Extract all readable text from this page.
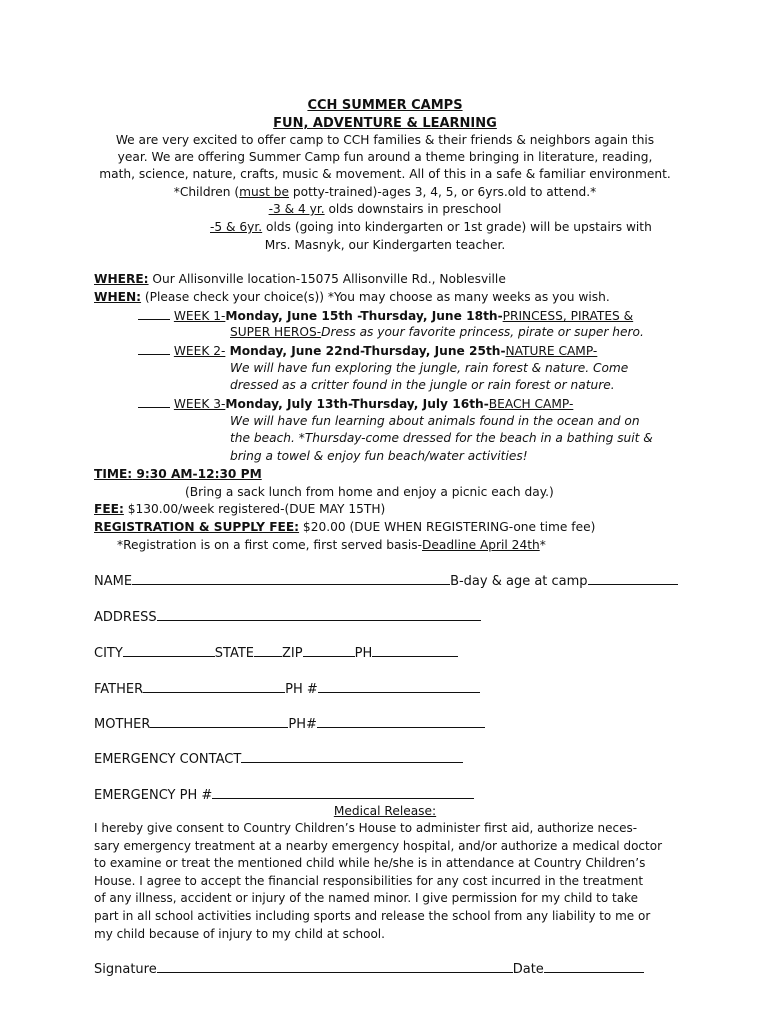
CCH SUMMER CAMPS
FUN, ADVENTURE & LEARNING
We are very excited to offer camp to CCH families & their friends & neighbors again this
year. We are offering Summer Camp fun around a theme bringing in literature, reading,
math, science, nature, crafts, music & movement. All of this in a safe & familiar environment.
*Children (must be potty-trained)-ages 3, 4, 5, or 6yrs.old to attend.*
-3 & 4 yr. olds downstairs in preschool
-5 & 6yr. olds (going into kindergarten or 1st grade) will be upstairs with
Mrs. Masnyk, our Kindergarten teacher.
WHERE: Our Allisonville location-15075 Allisonville Rd., Noblesville
WHEN: (Please check your choice(s)) *You may choose as many weeks as you wish.
WEEK 1-Monday, June 15th -Thursday, June 18th-PRINCESS, PIRATES &
SUPER HEROS-Dress as your favorite princess, pirate or super hero.
WEEK 2- Monday, June 22nd-Thursday, June 25th-NATURE CAMP-
We will have fun exploring the jungle, rain forest & nature. Come
dressed as a critter found in the jungle or rain forest or nature.
WEEK 3-Monday, July 13th-Thursday, July 16th-BEACH CAMP-
We will have fun learning about animals found in the ocean and on
the beach. *Thursday-come dressed for the beach in a bathing suit &
bring a towel & enjoy fun beach/water activities!
TIME: 9:30 AM-12:30 PM
(Bring a sack lunch from home and enjoy a picnic each day.)
FEE: $130.00/week registered-(DUE MAY 15TH)
REGISTRATION & SUPPLY FEE: $20.00 (DUE WHEN REGISTERING-one time fee)
*Registration is on a first come, first served basis-Deadline April 24th*
NAME	B-day & age at camp
ADDRESS
CITY	STATE ZIP	PH
FATHER	PH #
MOTHER	PH#
EMERGENCY CONTACT
EMERGENCY PH #
Medical Release:
I hereby give consent to Country Children’s House to administer first aid, authorize neces-
sary emergency treatment at a nearby emergency hospital, and/or authorize a medical doctor
to examine or treat the mentioned child while he/she is in attendance at Country Children’s
House. I agree to accept the financial responsibilities for any cost incurred in the treatment
of any illness, accident or injury of the named minor. I give permission for my child to take
part in all school activities including sports and release the school from any liability to me or
my child because of injury to my child at school.
Signature	Date
